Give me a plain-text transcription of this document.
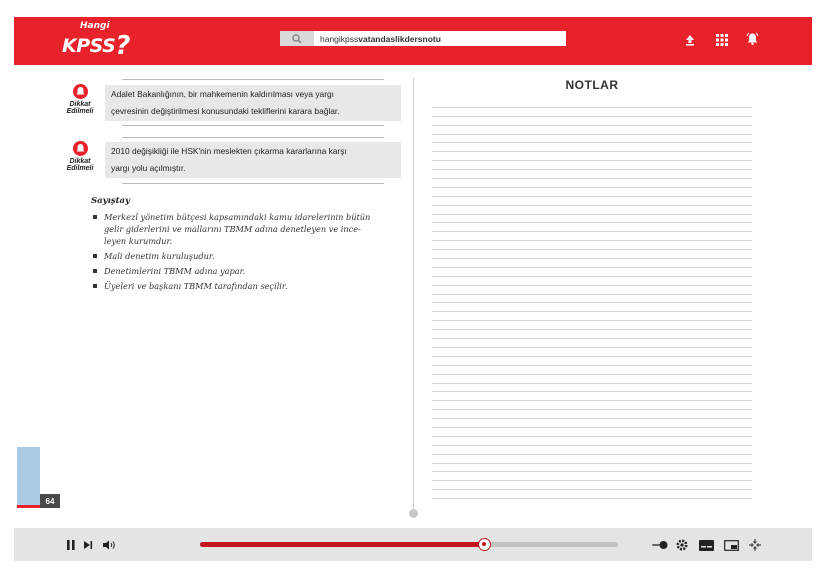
Hangi
KPSS?	hangikpssvatandaslikdersnotu
Dikkat
Edilmeli
Adalet Bakanlığının, bir mahkemenin kaldırılması veya yargı
çevresinin değiştirilmesi konusundaki tekliflerini karara bağlar.
Dikkat
Edilmeli
2010 değişikliği ile HSK'nin meslekten çıkarma kararlarına karşı
yargı yolu açılmıştır.
Sayıştay
Merkezî yönetim bütçesi kapsamındaki kamu idarelerinin bütün
gelir giderlerini ve mallarını TBMM adına denetleyen ve ince-
leyen kurumdur.
Mali denetim kuruluşudur.
Denetimlerini TBMM adına yapar.
Üyeleri ve başkanı TBMM tarafından seçilir.
64
NOTLAR
